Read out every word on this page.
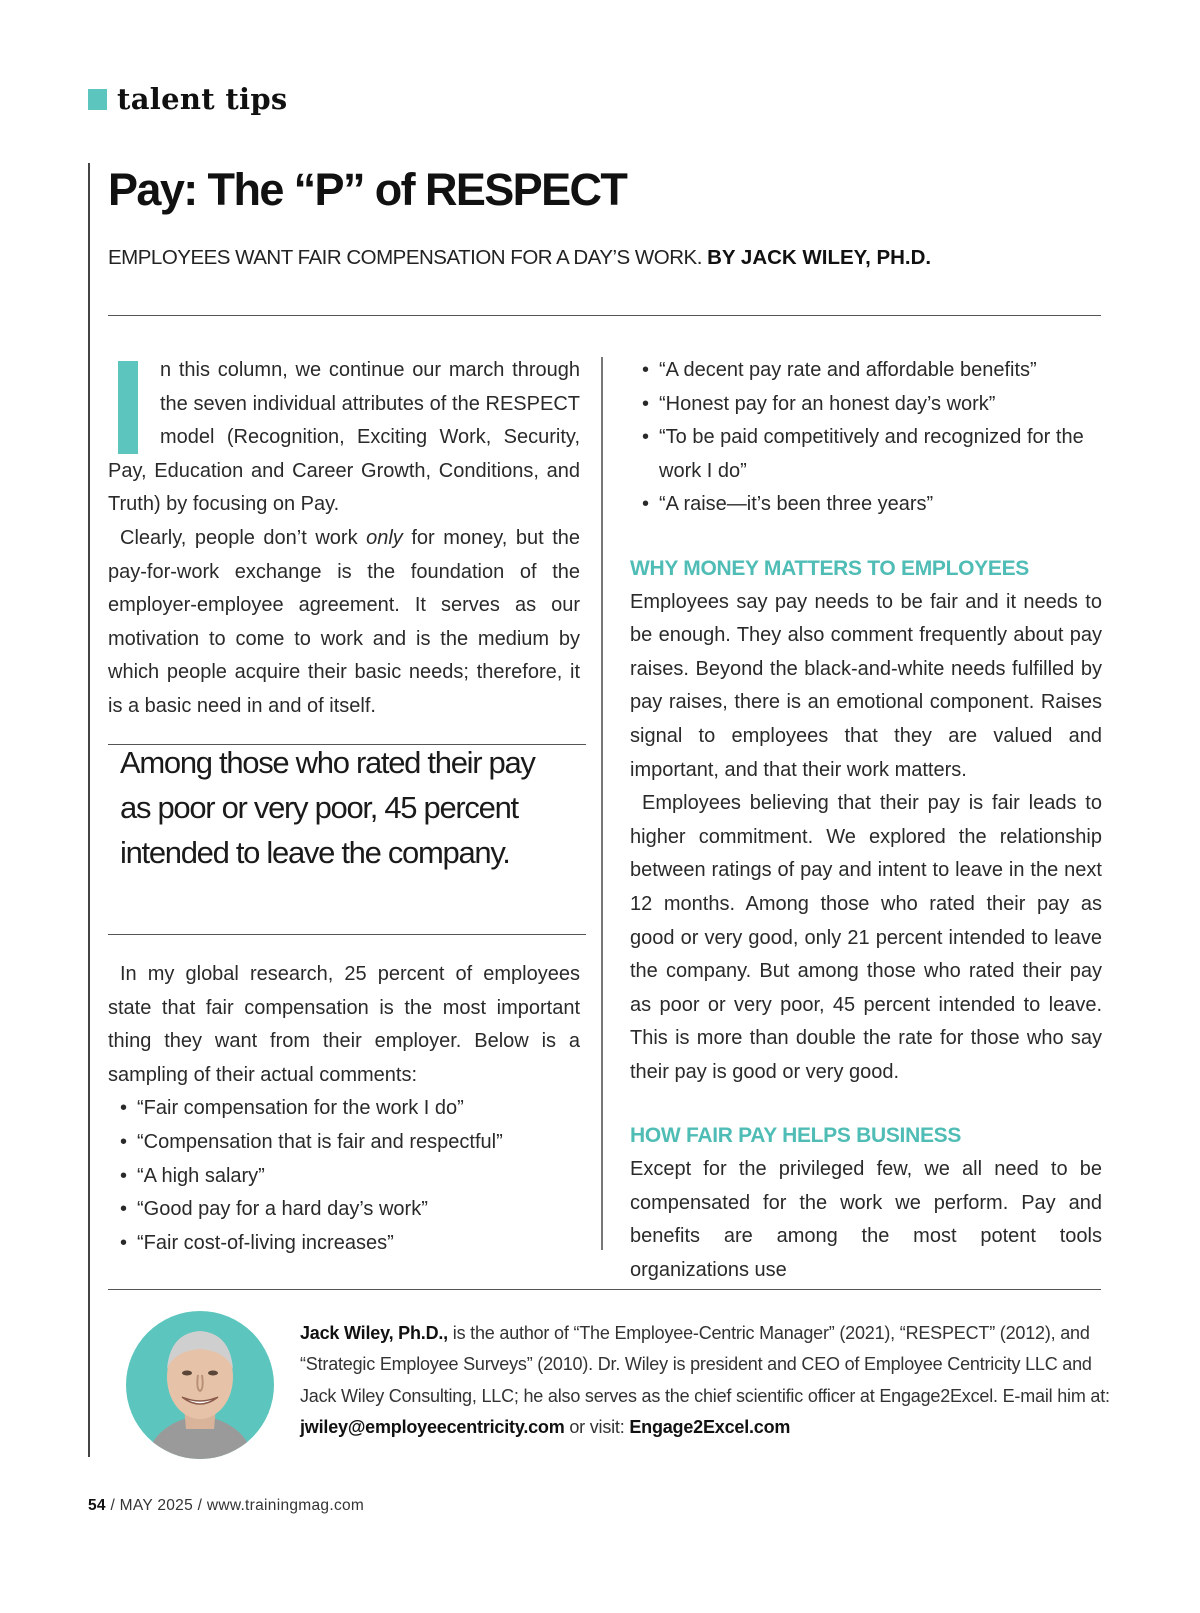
talent tips
Pay: The “P” of RESPECT
EMPLOYEES WANT FAIR COMPENSATION FOR A DAY’S WORK. BY JACK WILEY, PH.D.

n this column, we continue our march through the seven individual attributes of the RESPECT model (Recognition, Exciting Work, Security, Pay, Education and Career Growth, Conditions, and Truth) by focusing on Pay.

Clearly, people don’t work only for money, but the pay-for-work exchange is the foundation of the employer-employee agreement. It serves as our motivation to come to work and is the medium by which people acquire their basic needs; therefore, it is a basic need in and of itself.

Among those who rated their pay as poor or very poor, 45 percent intended to leave the company.

In my global research, 25 percent of employees state that fair compensation is the most important thing they want from their employer. Below is a sampling of their actual comments:

• “Fair compensation for the work I do”
• “Compensation that is fair and respectful”
• “A high salary”
• “Good pay for a hard day’s work”
• “Fair cost-of-living increases”
• “A decent pay rate and affordable benefits”
• “Honest pay for an honest day’s work”
• “To be paid competitively and recognized for the work I do”
• “A raise—it’s been three years”
WHY MONEY MATTERS TO EMPLOYEES

Employees say pay needs to be fair and it needs to be enough. They also comment frequently about pay raises. Beyond the black-and-white needs fulfilled by pay raises, there is an emotional component. Raises signal to employees that they are valued and important, and that their work matters.

Employees believing that their pay is fair leads to higher commitment. We explored the relationship between ratings of pay and intent to leave in the next 12 months. Among those who rated their pay as good or very good, only 21 percent intended to leave the company. But among those who rated their pay as poor or very poor, 45 percent intended to leave. This is more than double the rate for those who say their pay is good or very good.

HOW FAIR PAY HELPS BUSINESS

Except for the privileged few, we all need to be compensated for the work we perform. Pay and benefits are among the most potent tools organizations use

Jack Wiley, Ph.D., is the author of “The Employee-Centric Manager” (2021), “RESPECT” (2012), and “Strategic Employee Surveys” (2010). Dr. Wiley is president and CEO of Employee Centricity LLC and Jack Wiley Consulting, LLC; he also serves as the chief scientific officer at Engage2Excel. E-mail him at: jwiley@employeecentricity.com or visit: Engage2Excel.com
54 / MAY 2025 / www.trainingmag.com
